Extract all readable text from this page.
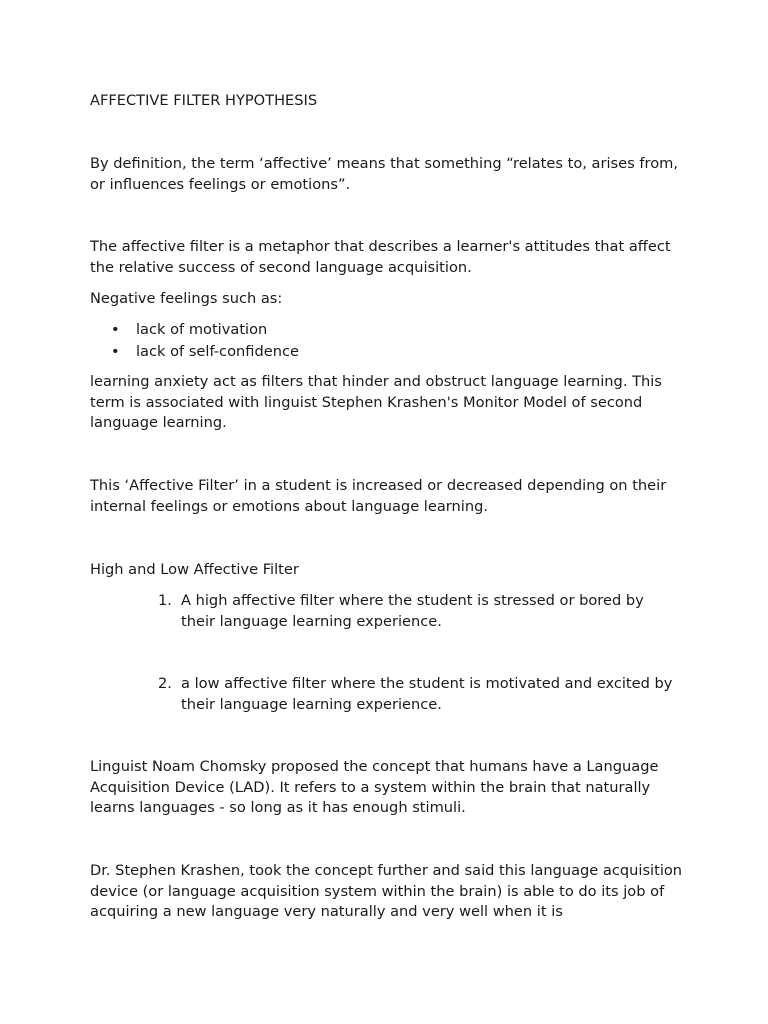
AFFECTIVE FILTER HYPOTHESIS

By definition, the term ‘affective’ means that something “relates to, arises from, or influences feelings or emotions”.

The affective filter is a metaphor that describes a learner's attitudes that affect the relative success of second language acquisition.

Negative feelings such as:

• lack of motivation
• lack of self-confidence

learning anxiety act as filters that hinder and obstruct language learning. This term is associated with linguist Stephen Krashen's Monitor Model of second language learning.

This ‘Affective Filter’ in a student is increased or decreased depending on their internal feelings or emotions about language learning.

High and Low Affective Filter

1. A high affective filter where the student is stressed or bored by their language learning experience.
2. a low affective filter where the student is motivated and excited by their language learning experience.

Linguist Noam Chomsky proposed the concept that humans have a Language Acquisition Device (LAD). It refers to a system within the brain that naturally learns languages - so long as it has enough stimuli.

Dr. Stephen Krashen, took the concept further and said this language acquisition device (or language acquisition system within the brain) is able to do its job of acquiring a new language very naturally and very well when it is
